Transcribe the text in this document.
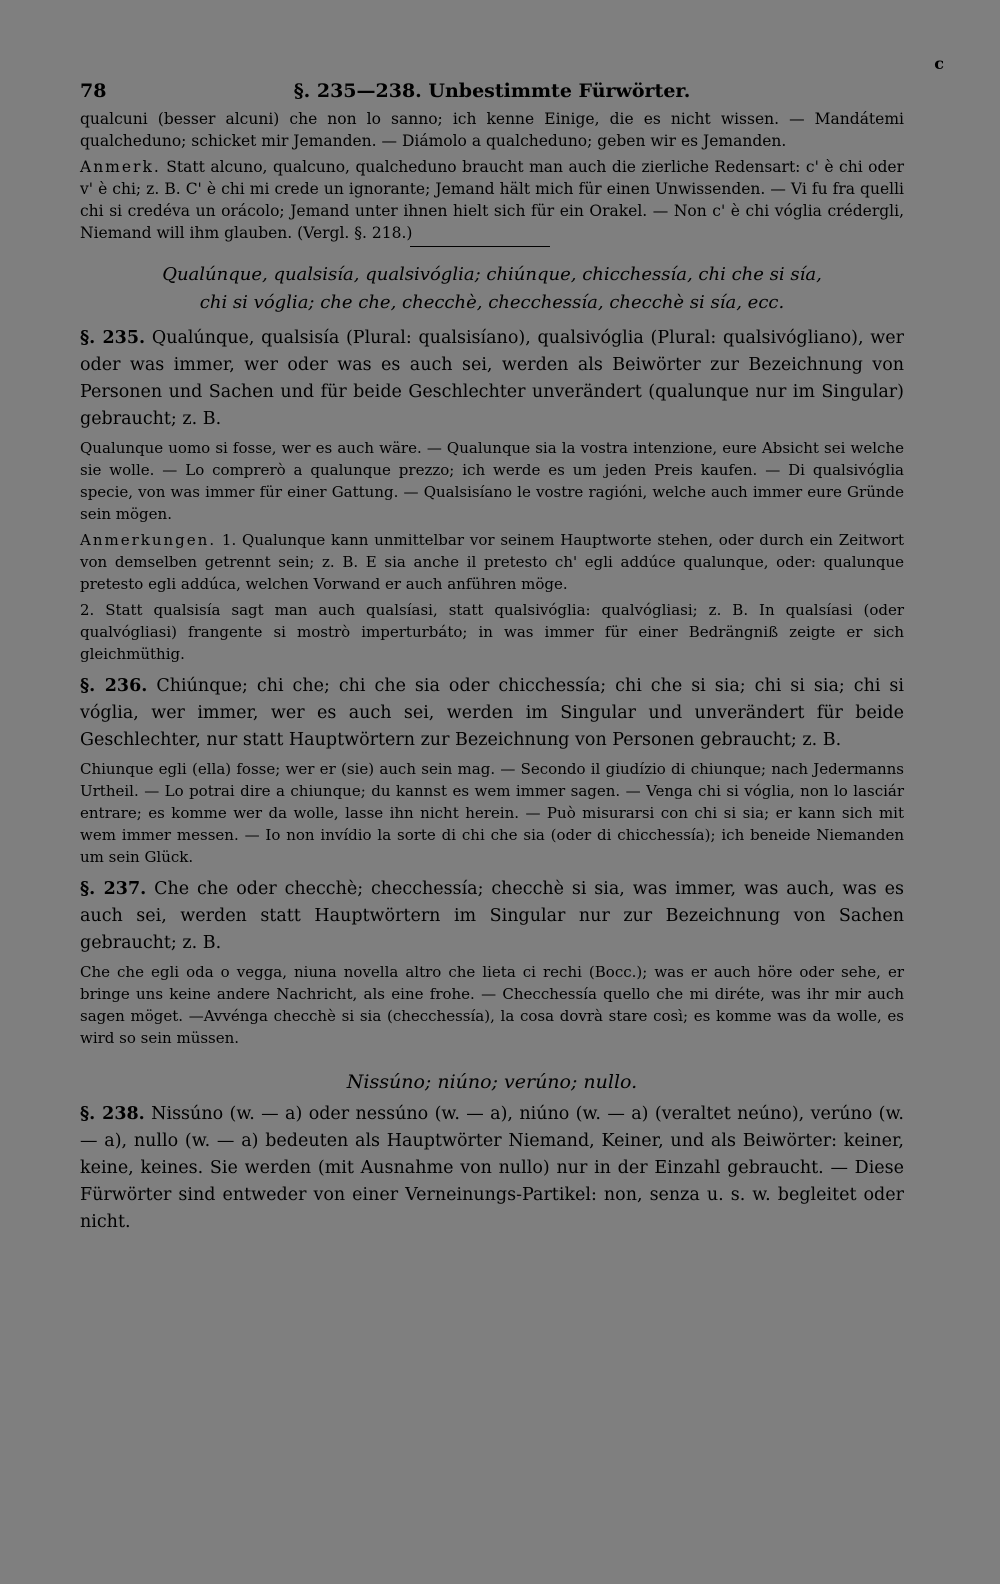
78	§. 235—238. Unbestimmte Fürwörter.
ⅽ
qualcuni (besser alcuni) che non lo sanno; ich kenne Einige, die es nicht wissen. — Mandátemi qualcheduno; schicket mir Jemanden. — Diámolo a qualcheduno; geben wir es Jemanden.
Anmerk. Statt alcuno, qualcuno, qualcheduno braucht man auch die zierliche Redensart: c' è chi oder v' è chi; z. B. C' è chi mi crede un ignorante; Jemand hält mich für einen Unwissenden. — Vi fu fra quelli chi si credéva un orácolo; Jemand unter ihnen hielt sich für ein Orakel. — Non c' è chi vóglia crédergli, Niemand will ihm glauben. (Vergl. §. 218.)
Qualúnque, qualsisía, qualsivóglia; chiúnque, chicchessía, chi che si sía,
chi si vóglia; che che, checchè, checchessía, checchè si sía, ecc.
§. 235. Qualúnque, qualsisía (Plural: qualsisíano), qualsivóglia (Plural: qualsivógliano), wer oder was immer, wer oder was es auch sei, werden als Beiwörter zur Bezeichnung von Personen und Sachen und für beide Geschlechter unverändert (qualunque nur im Singular) gebraucht; z. B.
Qualunque uomo si fosse, wer es auch wäre. — Qualunque sia la vostra intenzione, eure Absicht sei welche sie wolle. — Lo comprerò a qualunque prezzo; ich werde es um jeden Preis kaufen. — Di qualsivóglia specie, von was immer für einer Gattung. — Qualsisíano le vostre ragióni, welche auch immer eure Gründe sein mögen.
Anmerkungen. 1. Qualunque kann unmittelbar vor seinem Hauptworte stehen, oder durch ein Zeitwort von demselben getrennt sein; z. B. E sia anche il pretesto ch' egli addúce qualunque, oder: qualunque pretesto egli addúca, welchen Vorwand er auch anführen möge.
2. Statt qualsisía sagt man auch qualsíasi, statt qualsivóglia: qualvógliasi; z. B. In qualsíasi (oder qualvógliasi) frangente si mostrò imperturbáto; in was immer für einer Bedrängniß zeigte er sich gleichmüthig.
§. 236. Chiúnque; chi che; chi che sia oder chicchessía; chi che si sia; chi si sia; chi si vóglia, wer immer, wer es auch sei, werden im Singular und unverändert für beide Geschlechter, nur statt Hauptwörtern zur Bezeichnung von Personen gebraucht; z. B.
Chiunque egli (ella) fosse; wer er (sie) auch sein mag. — Secondo il giudízio di chiunque; nach Jedermanns Urtheil. — Lo potrai dire a chiunque; du kannst es wem immer sagen. — Venga chi si vóglia, non lo lasciár entrare; es komme wer da wolle, lasse ihn nicht herein. — Può misurarsi con chi si sia; er kann sich mit wem immer messen. — Io non invídio la sorte di chi che sia (oder di chicchessía); ich beneide Niemanden um sein Glück.
§. 237. Che che oder checchè; checchessía; checchè si sia, was immer, was auch, was es auch sei, werden statt Hauptwörtern im Singular nur zur Bezeichnung von Sachen gebraucht; z. B.
Che che egli oda o vegga, niuna novella altro che lieta ci rechi (Bocc.); was er auch höre oder sehe, er bringe uns keine andere Nachricht, als eine frohe. — Checchessía quello che mi diréte, was ihr mir auch sagen möget. —Avvénga checchè si sia (checchessía), la cosa dovrà stare così; es komme was da wolle, es wird so sein müssen.
Nissúno; niúno; verúno; nullo.
§. 238. Nissúno (w. — a) oder nessúno (w. — a), niúno (w. — a) (veraltet neúno), verúno (w. — a), nullo (w. — a) bedeuten als Hauptwörter Niemand, Keiner, und als Beiwörter: keiner, keine, keines. Sie werden (mit Ausnahme von nullo) nur in der Einzahl gebraucht. — Diese Fürwörter sind entweder von einer Verneinungs-Partikel: non, senza u. s. w. begleitet oder nicht.
